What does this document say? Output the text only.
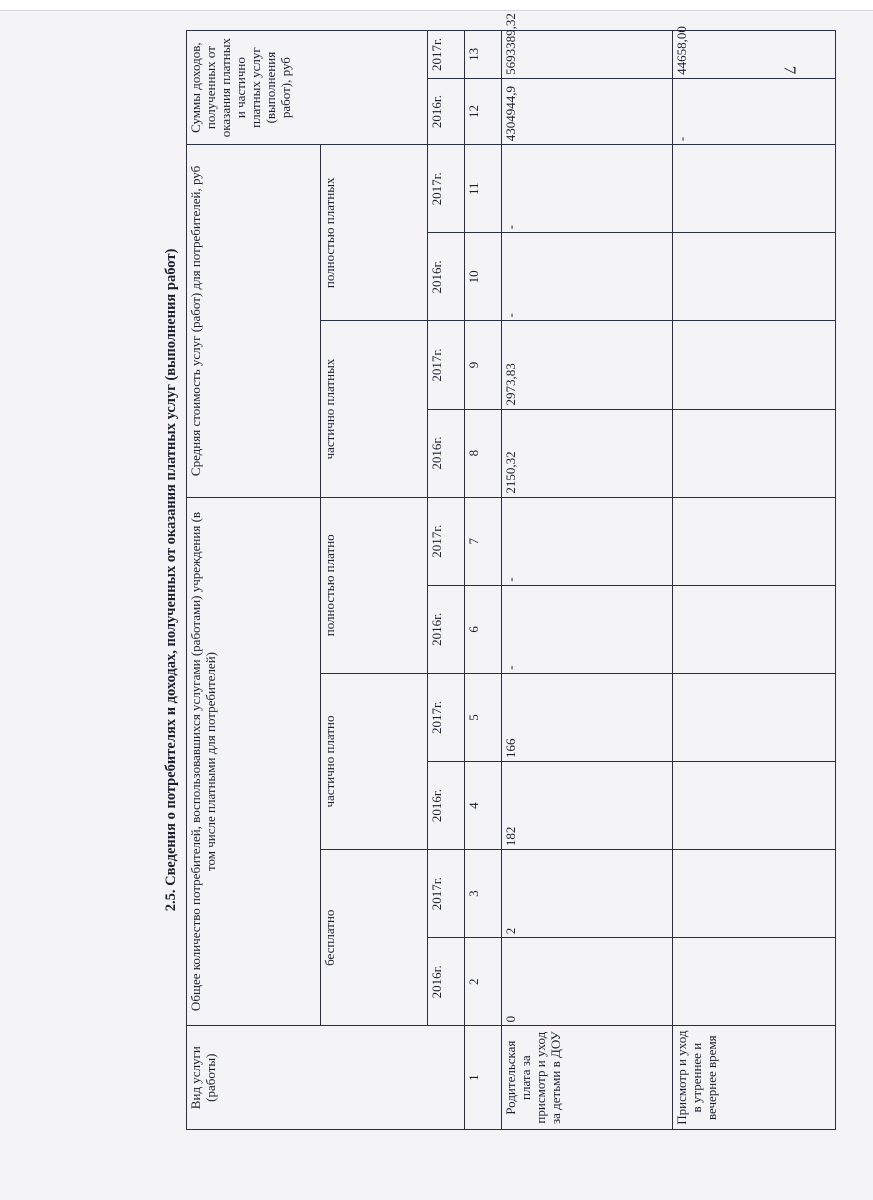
7
2.5. Сведения о потребителях и доходах, полученных от оказания платных услуг (выполнения работ)
Вид услуги (работы)	Общее количество потребителей, воспользовавшихся услугами (работами) учреждения (в том числе платными для потребителей)						Средняя стоимость услуг (работ) для потребителей, руб				Суммы доходов, полученных от оказания платных и частично платных услуг (выполнения работ), руб	
	бесплатно		частично платно		полностью платно		частично платных		полностью платных			
	2016г.	2017г.	2016г.	2017г.	2016г.	2017г.	2016г.	2017г.	2016г.	2017г.	2016г.	2017г.
1	2	3	4	5	6	7	8	9	10	11	12	13
Родительская плата за присмотр и уход за детьми в ДОУ	0	2	182	166	-	-	2150,32	2973,83	-	-	4304944,9	5693389,32
Присмотр и уход в утреннее и вечернее время											-	44658,00
